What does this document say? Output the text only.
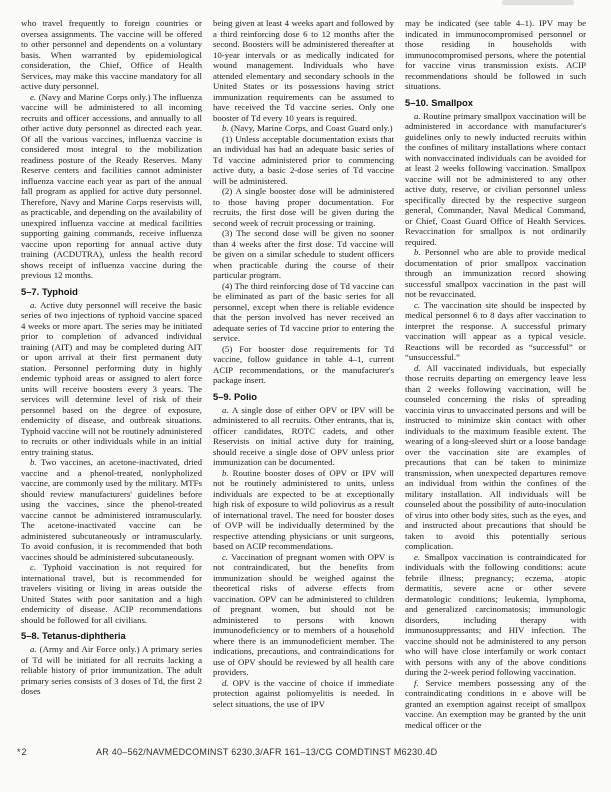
who travel frequently to foreign countries or oversea assignments. The vaccine will be offered to other personnel and dependents on a voluntary basis. When warranted by epidemiological consideration, the Chief, Office of Health Services, may make this vaccine mandatory for all active duty personnel.

e. (Navy and Marine Corps only.) The influenza vaccine will be administered to all incoming recruits and officer accessions, and annually to all other active duty personnel as directed each year. Of all the various vaccines, influenza vaccine is considered most integral to the mobilization readiness posture of the Ready Reserves. Many Reserve centers and facilities cannot administer influenza vaccine each year as part of the annual fall program as applied for active duty personnel. Therefore, Navy and Marine Corps reservists will, as practicable, and depending on the availability of unexpired influenza vaccine at medical facilities supporting gaining commands, receive influenza vaccine upon reporting for annual active duty training (ACDUTRA), unless the health record shows receipt of influenza vaccine during the previous 12 months.

5–7. Typhoid

a. Active duty personnel will receive the basic series of two injections of typhoid vaccine spaced 4 weeks or more apart. The series may be initiated prior to completion of advanced individual training (AIT) and may be completed during AIT or upon arrival at their first permanent duty station. Personnel performing duty in highly endemic typhoid areas or assigned to alert force units will receive boosters every 3 years. The services will determine level of risk of their personnel based on the degree of exposure, endemicity of disease, and outbreak situations. Typhoid vaccine will not be routinely administered to recruits or other individuals while in an initial entry training status.

b. Two vaccines, an acetone-inactivated, dried vaccine and a phenol-treated, nonlypholized vaccine, are commonly used by the military. MTFs should review manufacturers' guidelines before using the vaccines, since the phenol-treated vaccine cannot be administered intramuscularly. The acetone-inactivated vaccine can be administered subcutaneously or intramuscularly. To avoid confusion, it is recommended that both vaccines should be administered subcutaneously.

c. Typhoid vaccination is not required for international travel, but is recommended for travelers visiting or living in areas outside the United States with poor sanitation and a high endemicity of disease. ACIP recommendations should be followed for all civilians.

5–8. Tetanus-diphtheria

a. (Army and Air Force only.) A primary series of Td will be initiated for all recruits lacking a reliable history of prior immunization. The adult primary series consists of 3 doses of Td, the first 2 doses

being given at least 4 weeks apart and followed by a third reinforcing dose 6 to 12 months after the second. Boosters will be administered thereafter at 10-year intervals or as medically indicated for wound management. Individuals who have attended elementary and secondary schools in the United States or its possessions having strict immunization requirements can be assumed to have received the Td vaccine series. Only one booster of Td every 10 years is required.

b. (Navy, Marine Corps, and Coast Guard only.)

(1) Unless acceptable documentation exists that an individual has had an adequate basic series of Td vaccine administered prior to commencing active duty, a basic 2-dose series of Td vaccine will be administered.

(2) A single booster dose will be administered to those having proper documentation. For recruits, the first dose will be given during the second week of recruit processing or training.

(3) The second dose will be given no sooner than 4 weeks after the first dose. Td vaccine will be given on a similar schedule to student officers when practicable during the course of their particular program.

(4) The third reinforcing dose of Td vaccine can be eliminated as part of the basic series for all personnel, except when there is reliable evidence that the person involved has never received an adequate series of Td vaccine prior to entering the service.

(5) For booster dose requirements for Td vaccine, follow guidance in table 4–1, current ACIP recommendations, or the manufacturer's package insert.

5–9. Polio

a. A single dose of either OPV or IPV will be administered to all recruits. Other entrants, that is, officer candidates, ROTC cadets, and other Reservists on initial active duty for training, should receive a single dose of OPV unless prior immunization can be documented.

b. Routine booster doses of OPV or IPV will not be routinely administered to units, unless individuals are expected to be at exceptionally high risk of exposure to wild poliovirus as a result of international travel. The need for booster doses of OVP will be individually determined by the respective attending physicians or unit surgeons, based on ACIP recommendations.

c. Vaccination of pregnant women with OPV is not contraindicated, but the benefits from immunization should be weighed against the theoretical risks of adverse effects from vaccination. OPV can be administered to children of pregnant women, but should not be administered to persons with known immunodeficiency or to members of a household where there is an immunodeficient member. The indications, precautions, and contraindications for use of OPV should be reviewed by all health care providers.

d. OPV is the vaccine of choice if immediate protection against poliomyelitis is needed. In select situations, the use of IPV

may be indicated (see table 4–1). IPV may be indicated in immunocompromised personnel or those residing in households with immunocompromised persons, where the potential for vaccine virus transmission exists. ACIP recommendations should be followed in such situations.

5–10. Smallpox

a. Routine primary smallpox vaccination will be administered in accordance with manufacturer's guidelines only to newly inducted recruits within the confines of military installations where contact with nonvaccinated individuals can be avoided for at least 2 weeks following vaccination. Smallpox vaccine will not be administered to any other active duty, reserve, or civilian personnel unless specifically directed by the respective surgeon general, Commander, Naval Medical Command, or Chief, Coast Guard Office of Health Services. Revaccination for smallpox is not ordinarily required.

b. Personnel who are able to provide medical documentation of prior smallpox vaccination through an immunization record showing successful smallpox vaccination in the past will not be revaccinated.

c. The vaccination site should be inspected by medical personnel 6 to 8 days after vaccination to interpret the response. A successful primary vaccination will appear as a typical vesicle. Reactions will be recorded as “successful” or “unsuccessful.”

d. All vaccinated individuals, but especially those recruits departing on emergency leave less than 2 weeks following vaccination, will be counseled concerning the risks of spreading vaccinia virus to unvaccinated persons and will be instructed to minimize skin contact with other individuals to the maximum feasible extent. The wearing of a long-sleeved shirt or a loose bandage over the vaccination site are examples of precautions that can be taken to minimize transmission, when unexpected departures remove an individual from within the confines of the military installation. All individuals will be counseled about the possibility of auto-inoculation of virus into other body sites, such as the eyes, and and instructed about precautions that should be taken to avoid this potentially serious complication.

e. Smallpox vaccination is contraindicated for individuals with the following conditions: acute febrile illness; pregnancy; eczema, atopic dermatitis, severe acne or other severe dermatologic conditions; leukemia, lymphoma, and generalized carcinomatosis; immunologic disorders, including therapy with immunosuppressants; and HIV infection. The vaccine should not be administered to any person who will have close interfamily or work contact with persons with any of the above conditions during the 2-week period following vaccination.

f. Service members possessing any of the contraindicating conditions in e above will be granted an exemption against receipt of smallpox vaccine. An exemption may be granted by the unit medical officer or the

*2	AR 40–562/NAVMEDCOMINST 6230.3/AFR 161–13/CG COMDTINST M6230.4D
